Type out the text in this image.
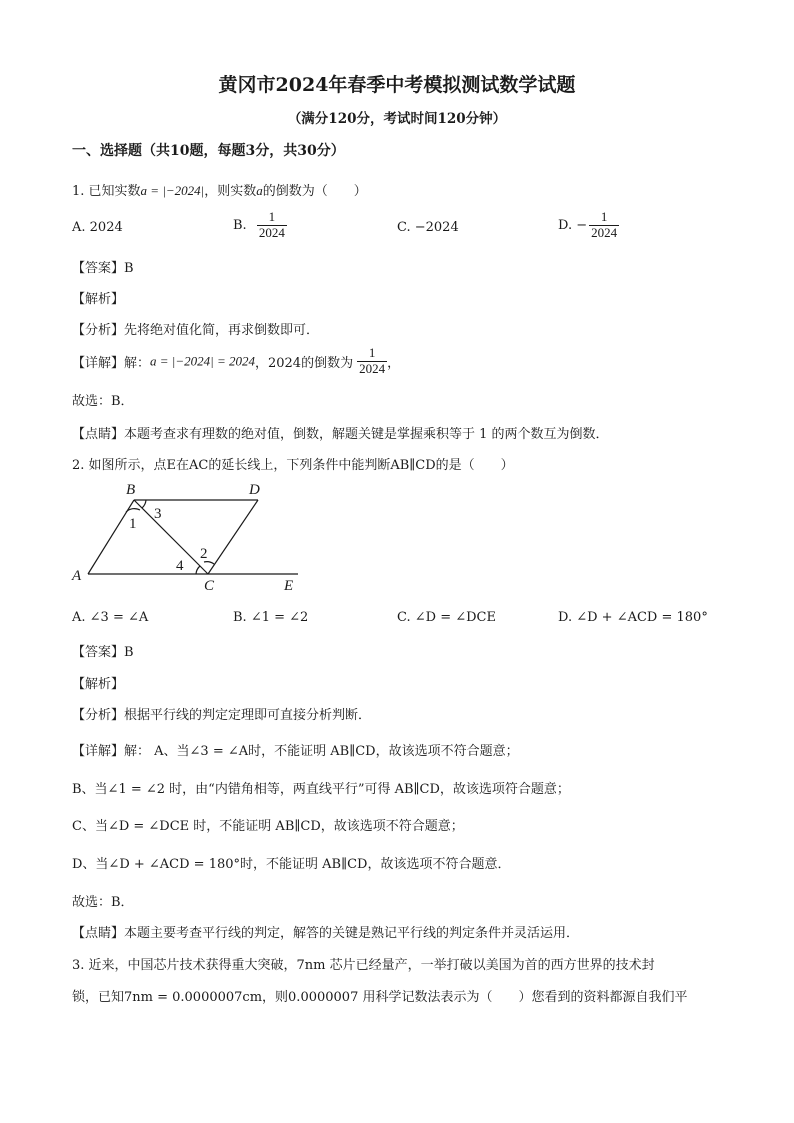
黄冈市2024年春季中考模拟测试数学试题
（满分120分，考试时间120分钟）
一、选择题（共10题，每题3分，共30分）
1. 已知实数a = |−2024|，则实数a的倒数为（　　）
A. 2024	B. $\frac{1}{2024}$	C. −2024	D. − $\frac{1}{2024}$
【答案】B
【解析】
【分析】先将绝对值化简，再求倒数即可．
【详解】解：a = |−2024| = 2024，2024的倒数为 $\frac{1}{2024}$ ，
故选：B．
【点睛】本题考查求有理数的绝对值，倒数，解题关键是掌握乘积等于 1 的两个数互为倒数．
2. 如图所示，点E在AC的延长线上，下列条件中能判断AB∥CD的是（　　）
A
B
C
D
E
1
2
3
4
A. ∠3 = ∠A	B. ∠1 = ∠2	C. ∠D = ∠DCE	D. ∠D + ∠ACD = 180°
【答案】B
【解析】
【分析】根据平行线的判定定理即可直接分析判断．
【详解】解： A、当∠3 = ∠A时，不能证明 AB∥CD，故该选项不符合题意；
B、当∠1 = ∠2 时，由“内错角相等，两直线平行”可得 AB∥CD，故该选项符合题意；
C、当∠D = ∠DCE 时，不能证明 AB∥CD，故该选项不符合题意；
D、当∠D + ∠ACD = 180°时，不能证明 AB∥CD，故该选项不符合题意．
故选：B．
【点睛】本题主要考查平行线的判定，解答的关键是熟记平行线的判定条件并灵活运用．
3. 近来，中国芯片技术获得重大突破，7nm 芯片已经量产，一举打破以美国为首的西方世界的技术封
锁，已知7nm = 0.0000007cm，则0.0000007 用科学记数法表示为（　　）您看到的资料都源自我们平
